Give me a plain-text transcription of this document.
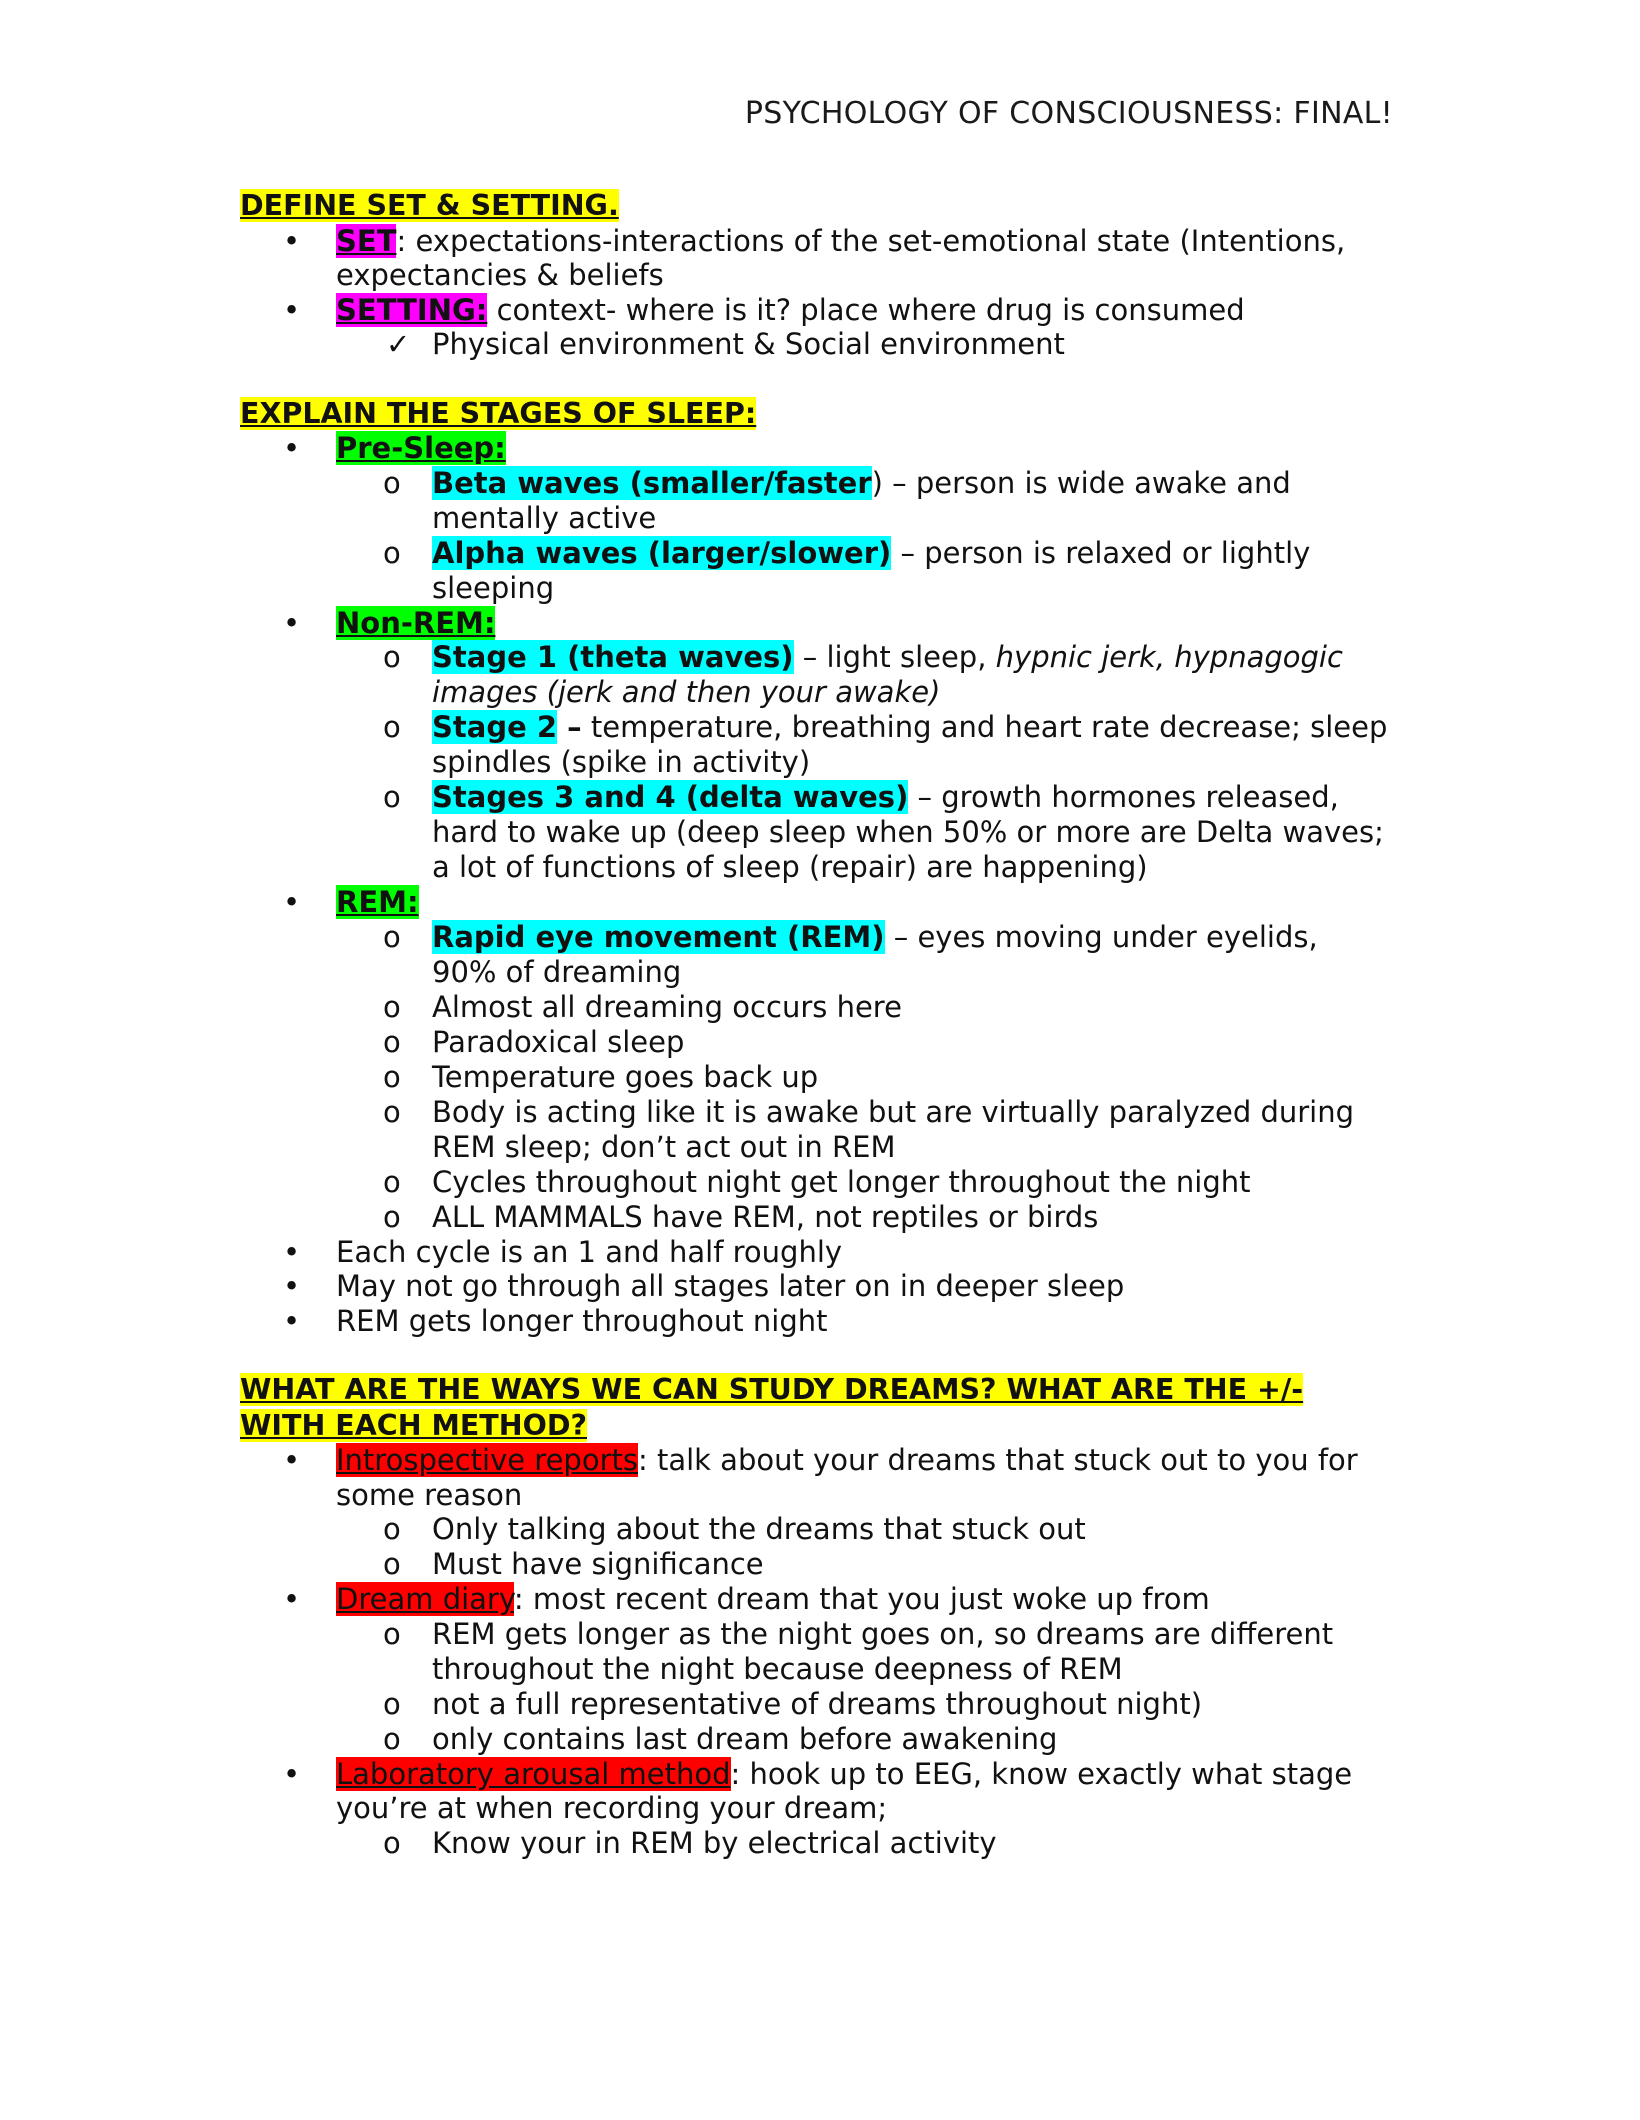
PSYCHOLOGY OF CONSCIOUSNESS: FINAL!

DEFINE SET & SETTING.

• SET: expectations-interactions of the set-emotional state (Intentions, expectancies & beliefs
• SETTING: context- where is it? place where drug is consumed
✓ Physical environment & Social environment

EXPLAIN THE STAGES OF SLEEP:

• Pre-Sleep:
o Beta waves (smaller/faster) – person is wide awake and mentally active
o Alpha waves (larger/slower) – person is relaxed or lightly sleeping
• Non-REM:
o Stage 1 (theta waves) – light sleep, hypnic jerk, hypnagogic images (jerk and then your awake)
o Stage 2 – temperature, breathing and heart rate decrease; sleep spindles (spike in activity)
o Stages 3 and 4 (delta waves) – growth hormones released, hard to wake up (deep sleep when 50% or more are Delta waves; a lot of functions of sleep (repair) are happening)
• REM:
o Rapid eye movement (REM) – eyes moving under eyelids, 90% of dreaming
o Almost all dreaming occurs here
o Paradoxical sleep
o Temperature goes back up
o Body is acting like it is awake but are virtually paralyzed during REM sleep; don’t act out in REM
o Cycles throughout night get longer throughout the night
o ALL MAMMALS have REM, not reptiles or birds
• Each cycle is an 1 and half roughly
• May not go through all stages later on in deeper sleep
• REM gets longer throughout night

WHAT ARE THE WAYS WE CAN STUDY DREAMS? WHAT ARE THE +/-

WITH EACH METHOD?

• Introspective reports: talk about your dreams that stuck out to you for some reason
o Only talking about the dreams that stuck out
o Must have significance
• Dream diary: most recent dream that you just woke up from
o REM gets longer as the night goes on, so dreams are different throughout the night because deepness of REM
o not a full representative of dreams throughout night)
o only contains last dream before awakening
• Laboratory arousal method: hook up to EEG, know exactly what stage you’re at when recording your dream;
o Know your in REM by electrical activity
